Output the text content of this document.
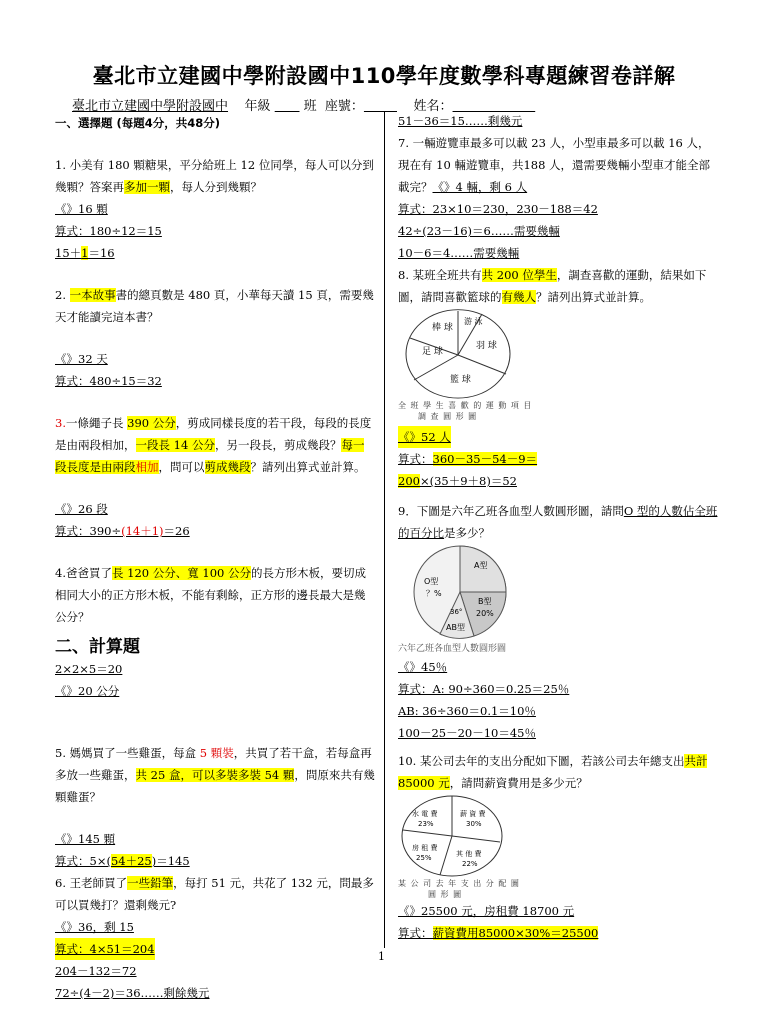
臺北市立建國中學附設國中110學年度數學科專題練習卷詳解
臺北市立建國中學附設國中 年級	班 座號：	姓名：
一、選擇題 (每題4分，共48分)
1. 小美有 180 顆糖果，平分給班上 12 位同學，每人可以分到幾顆？答案再多加一顆，每人分到幾顆？
《》16 顆
算式：180÷12＝15
15＋1＝16
2. 一本故事書的總頁數是 480 頁，小華每天讀 15 頁，需要幾天才能讀完這本書？
《》32 天
算式：480÷15＝32
3.一條繩子長 390 公分，剪成同樣長度的若干段，每段的長度是由兩段相加，一段長 14 公分，另一段長，剪成幾段？每一段長度是由兩段相加，問可以剪成幾段？請列出算式並計算。
《》26 段
算式：390÷(14＋1)＝26
4.爸爸買了長 120 公分、寬 100 公分的長方形木板，要切成相同大小的正方形木板，不能有剩餘，正方形的邊長最大是幾公分？
二、計算題
2×2×5＝20
《》20 公分
5. 媽媽買了一些雞蛋，每盒 5 顆裝，共買了若干盒，若每盒再多放一些雞蛋，共 25 盒，可以多裝多裝 54 顆，問原來共有幾顆雞蛋？
《》145 顆
算式：5×(54＋25)＝145
6. 王老師買了一些鉛筆，每打 51 元，共花了 132 元，問最多可以買幾打？還剩幾元?
《》36，剩 15
算式：4×51＝204
204－132＝72
72÷(4－2)＝36……剩餘幾元
51－36＝15……剩幾元
7. 一輛遊覽車最多可以載 23 人，小型車最多可以載 16 人，現在有 10 輛遊覽車，共188 人，還需要幾輛小型車才能全部載完？《》4 輛，剩 6 人
算式：23×10＝230，230－188＝42
42÷(23－16)＝6……需要幾輛
10－6＝4……需要幾輛
8. 某班全班共有共 200 位學生，調查喜歡的運動，結果如下圖，請問喜歡籃球的有幾人？請列出算式並計算。
棒 球
游 泳
足 球
羽 球
籃 球
全 班 學 生 喜 歡 的 運 動 項 目
調 查 圓 形 圖
《》52 人
算式：360－35－54－9＝
200×(35＋9＋8)＝52
9．下圖是六年乙班各血型人數圓形圖，請問O 型的人數佔全班的百分比是多少？
A型
O型
？%
B型
20%
36°
AB型
六年乙班各血型人數圓形圖
《》45％
算式：A: 90÷360＝0.25＝25％
AB: 36÷360＝0.1＝10％
100－25－20－10＝45％
10. 某公司去年的支出分配如下圖，若該公司去年總支出共計 85000 元，請問薪資費用是多少元？
水 電 費
23%
薪 資 費
30%
房 租 費
25%	其 他 費
22%
某 公 司 去 年 支 出 分 配 圖
圓 形 圖
《》25500 元，房租費 18700 元
算式：薪資費用85000×30%＝25500
1
